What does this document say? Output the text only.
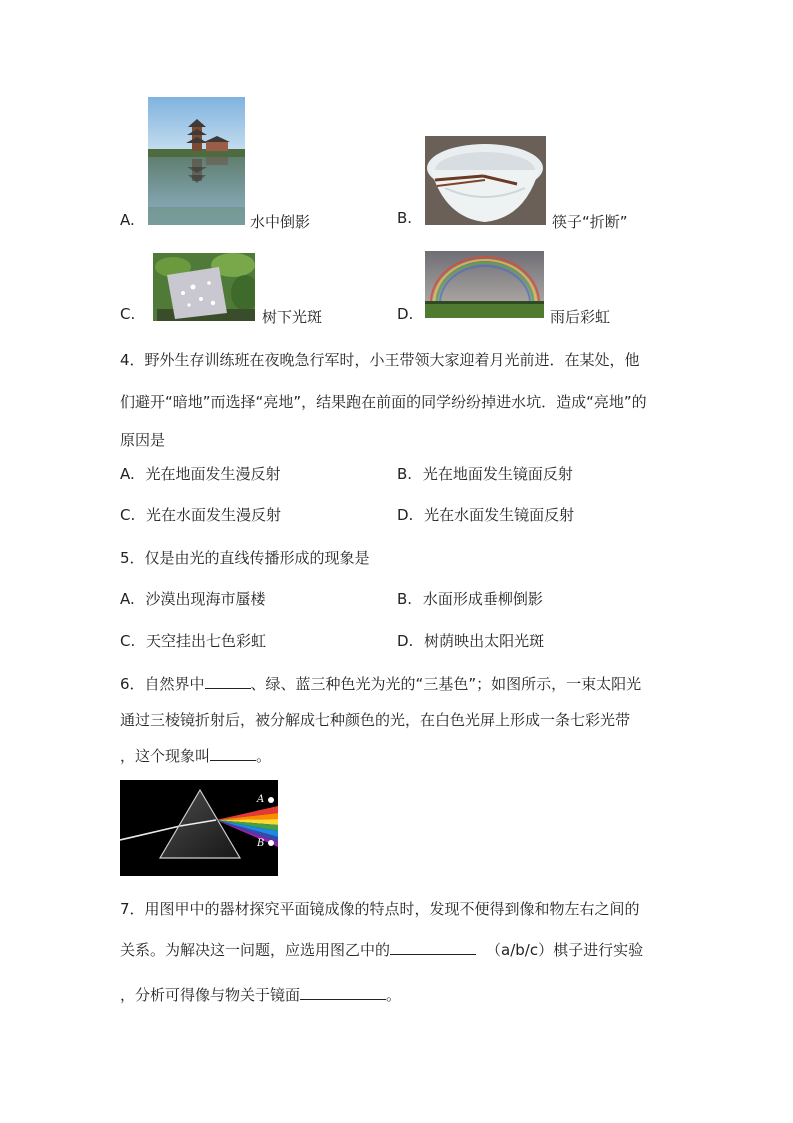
A.	水中倒影	B.	筷子“折断”
C.	树下光斑	D.	雨后彩虹
4．野外生存训练班在夜晚急行军时，小王带领大家迎着月光前进．在某处，他
们避开“暗地”而选择“亮地”，结果跑在前面的同学纷纷掉进水坑．造成“亮地”的
原因是
A. 光在地面发生漫反射	B. 光在地面发生镜面反射
C. 光在水面发生漫反射	D. 光在水面发生镜面反射
5．仅是由光的直线传播形成的现象是
A. 沙漠出现海市蜃楼	B. 水面形成垂柳倒影
C. 天空挂出七色彩虹	D. 树荫映出太阳光斑
6．自然界中	、绿、蓝三种色光为光的“三基色”；如图所示，一束太阳光
通过三棱镜折射后，被分解成七种颜色的光，在白色光屏上形成一条七彩光带
，这个现象叫	。
A
B
7．用图甲中的器材探究平面镜成像的特点时，发现不便得到像和物左右之间的
关系。为解决这一问题，应选用图乙中的	（a/b/c）棋子进行实验
，分析可得像与物关于镜面	。
